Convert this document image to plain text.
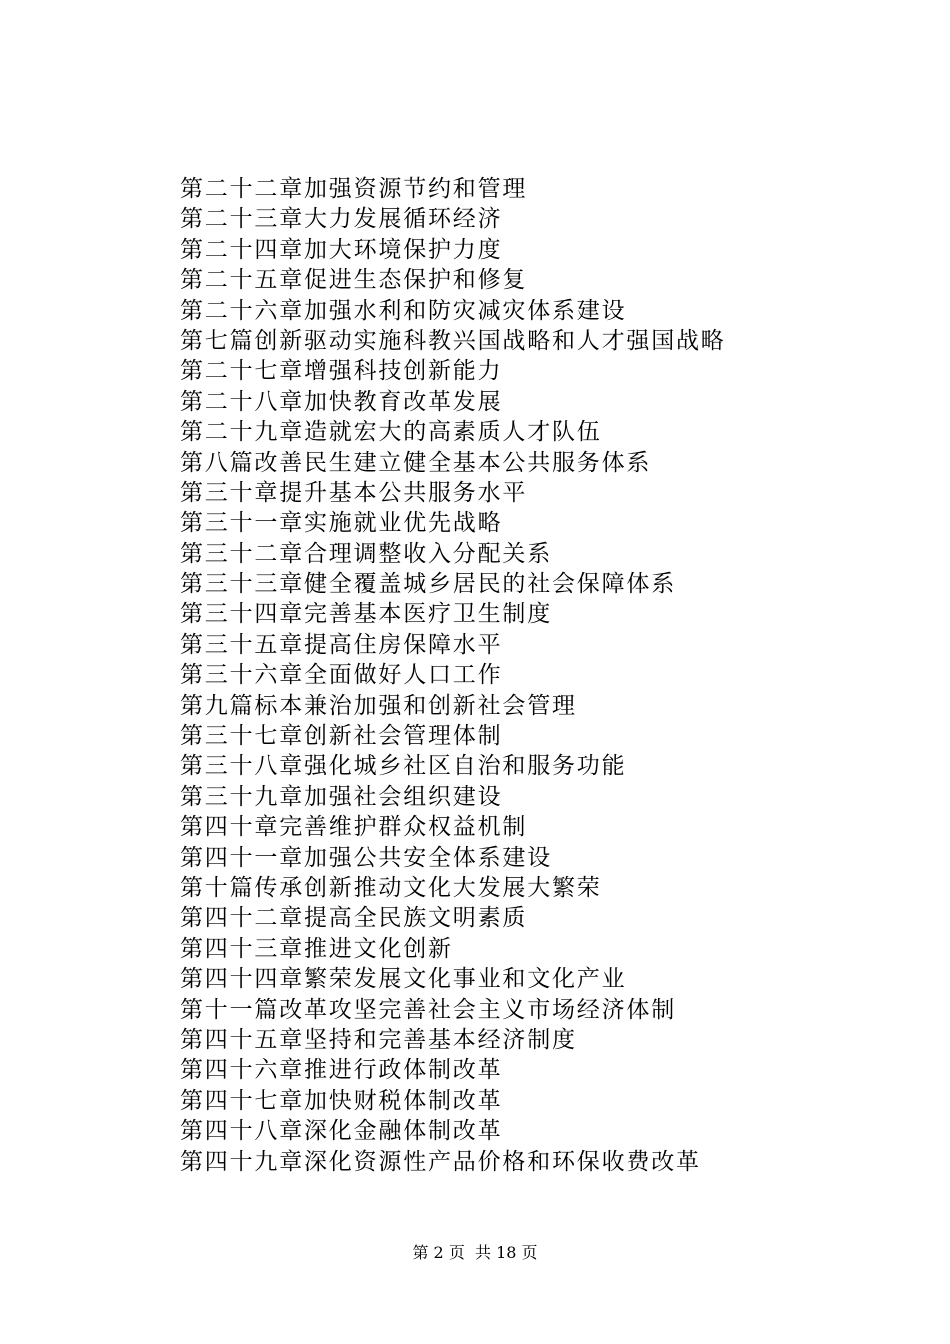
第二十二章加强资源节约和管理
第二十三章大力发展循环经济
第二十四章加大环境保护力度
第二十五章促进生态保护和修复
第二十六章加强水利和防灾减灾体系建设
第七篇创新驱动实施科教兴国战略和人才强国战略
第二十七章增强科技创新能力
第二十八章加快教育改革发展
第二十九章造就宏大的高素质人才队伍
第八篇改善民生建立健全基本公共服务体系
第三十章提升基本公共服务水平
第三十一章实施就业优先战略
第三十二章合理调整收入分配关系
第三十三章健全覆盖城乡居民的社会保障体系
第三十四章完善基本医疗卫生制度
第三十五章提高住房保障水平
第三十六章全面做好人口工作
第九篇标本兼治加强和创新社会管理
第三十七章创新社会管理体制
第三十八章强化城乡社区自治和服务功能
第三十九章加强社会组织建设
第四十章完善维护群众权益机制
第四十一章加强公共安全体系建设
第十篇传承创新推动文化大发展大繁荣
第四十二章提高全民族文明素质
第四十三章推进文化创新
第四十四章繁荣发展文化事业和文化产业
第十一篇改革攻坚完善社会主义市场经济体制
第四十五章坚持和完善基本经济制度
第四十六章推进行政体制改革
第四十七章加快财税体制改革
第四十八章深化金融体制改革
第四十九章深化资源性产品价格和环保收费改革
第 2 页  共 18 页
